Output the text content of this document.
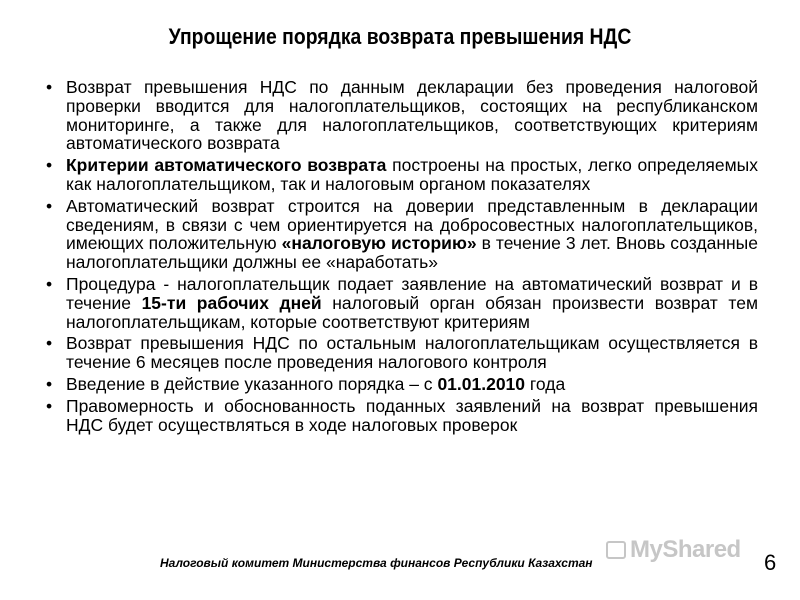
Упрощение порядка возврата превышения НДС
• Возврат превышения НДС по данным декларации без проведения налоговой проверки вводится для налогоплательщиков, состоящих на республиканском мониторинге, а также для налогоплательщиков, соответствующих критериям автоматического возврата
• Критерии автоматического возврата построены на простых, легко определяемых как налогоплательщиком, так и налоговым органом показателях
• Автоматический возврат строится на доверии представленным в декларации сведениям, в связи с чем ориентируется на добросовестных налогоплательщиков, имеющих положительную «налоговую историю» в течение 3 лет. Вновь созданные налогоплательщики должны ее «наработать»
• Процедура - налогоплательщик подает заявление на автоматический возврат и в течение 15-ти рабочих дней налоговый орган обязан произвести возврат тем налогоплательщикам, которые соответствуют критериям
• Возврат превышения НДС по остальным налогоплательщикам осуществляется в течение 6 месяцев после проведения налогового контроля
• Введение в действие указанного порядка – с 01.01.2010 года
• Правомерность и обоснованность поданных заявлений на возврат превышения НДС будет осуществляться в ходе налоговых проверок
MyShared
Налоговый комитет Министерства финансов Республики Казахстан	6
